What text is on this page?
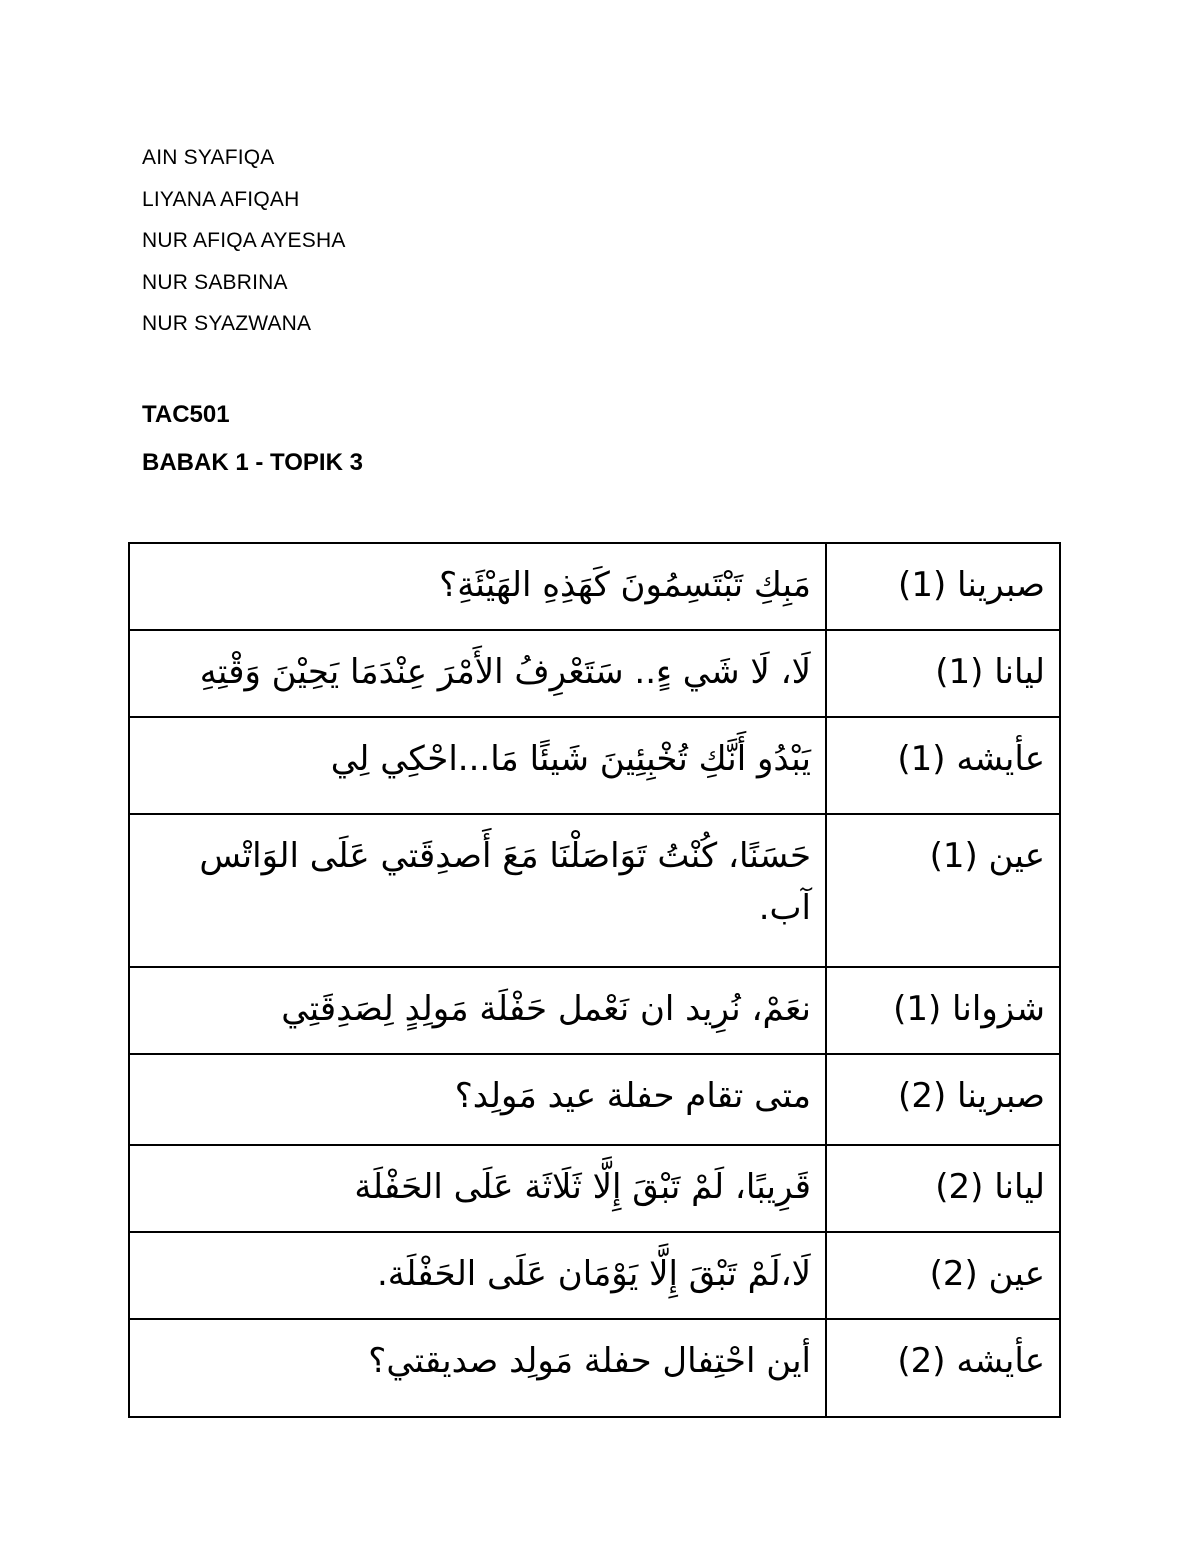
AIN SYAFIQA
LIYANA AFIQAH
NUR AFIQA AYESHA
NUR SABRINA
NUR SYAZWANA
TAC501
BABAK 1 - TOPIK 3
صبرينا (1)	مَبِكِ تَبْتَسِمُونَ كَهَذِهِ الهَيْئَةِ؟
ليانا (1)	لَا، لَا شَي ءٍ.. سَتَعْرِفُ الأَمْرَ عِنْدَمَا يَحِيْنَ وَقْتِهِ
عأيشه (1)	يَبْدُو أَنَّكِ تُخْبِئِينَ شَيئًا مَا...احْكِي لِي
عين (1)	حَسَنًا، كُنْتُ تَوَاصَلْنَا مَعَ أَصدِقَتي عَلَى الوَاتْس آب.
شزوانا (1)	نعَمْ، نُرِيد ان نَعْمل حَفْلَة مَولِدٍ لِصَدِقَتِي
صبرينا (2)	متى تقام حفلة عيد مَولِد؟
ليانا (2)	قَرِيبًا، لَمْ تَبْقَ إِلَّا ثَلَاثَة عَلَى الحَفْلَة
عين (2)	لَا،لَمْ تَبْقَ إِلَّا يَوْمَان عَلَى الحَفْلَة.
عأيشه (2)	أين احْتِفال حفلة مَولِد صديقتي؟
